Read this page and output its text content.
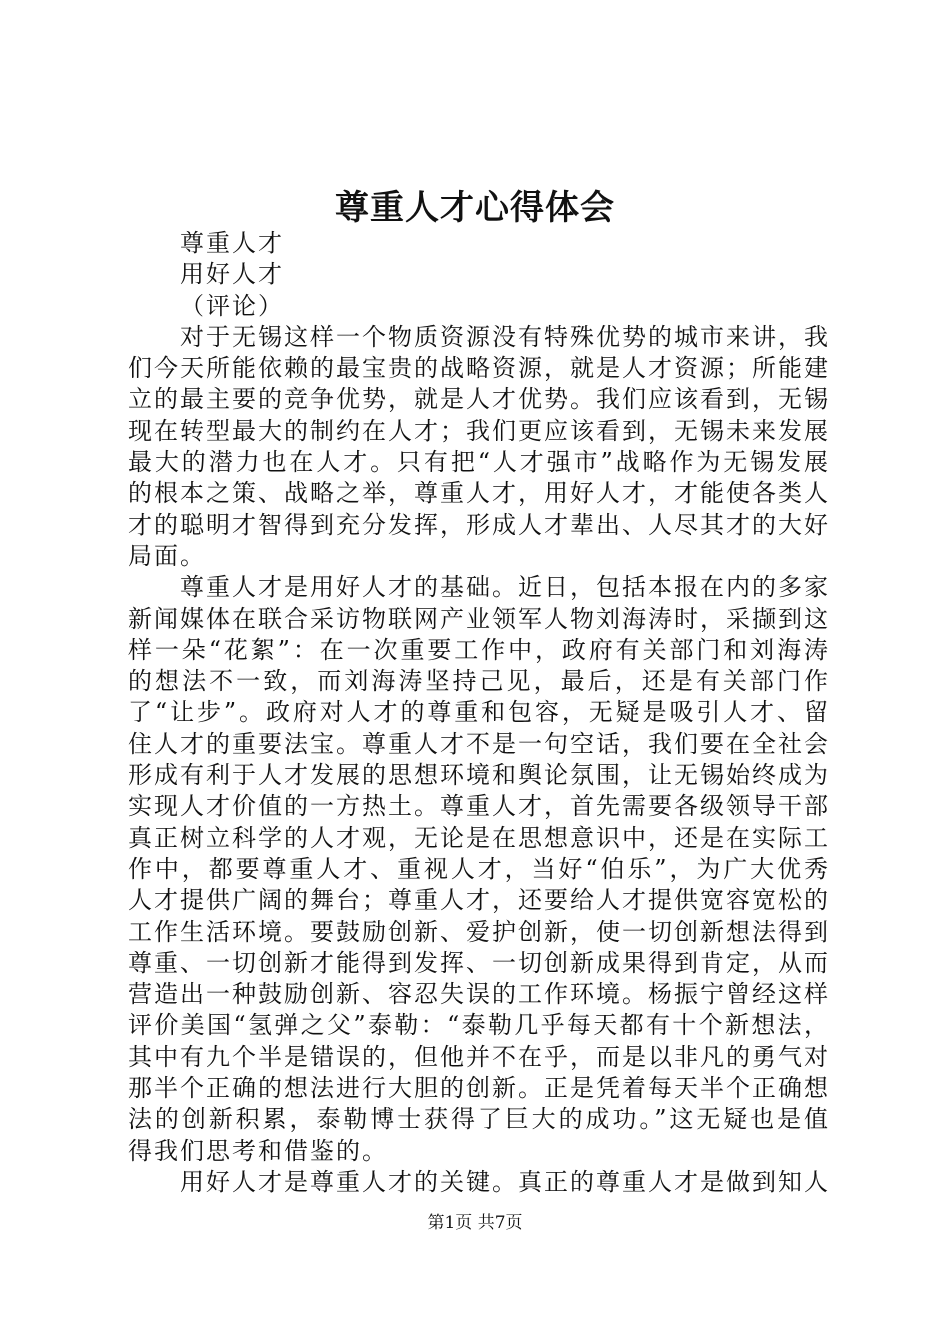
尊重人才心得体会
尊重人才
用好人才
（评论）

对于无锡这样一个物质资源没有特殊优势的城市来讲，我们今天所能依赖的最宝贵的战略资源，就是人才资源；所能建立的最主要的竞争优势，就是人才优势。我们应该看到，无锡现在转型最大的制约在人才；我们更应该看到，无锡未来发展最大的潜力也在人才。只有把“人才强市”战略作为无锡发展的根本之策、战略之举，尊重人才，用好人才，才能使各类人才的聪明才智得到充分发挥，形成人才辈出、人尽其才的大好局面。

尊重人才是用好人才的基础。近日，包括本报在内的多家新闻媒体在联合采访物联网产业领军人物刘海涛时，采撷到这样一朵“花絮”：在一次重要工作中，政府有关部门和刘海涛的想法不一致，而刘海涛坚持己见，最后，还是有关部门作了“让步”。政府对人才的尊重和包容，无疑是吸引人才、留住人才的重要法宝。尊重人才不是一句空话，我们要在全社会形成有利于人才发展的思想环境和舆论氛围，让无锡始终成为实现人才价值的一方热土。尊重人才，首先需要各级领导干部真正树立科学的人才观，无论是在思想意识中，还是在实际工作中，都要尊重人才、重视人才，当好“伯乐”，为广大优秀人才提供广阔的舞台；尊重人才，还要给人才提供宽容宽松的工作生活环境。要鼓励创新、爱护创新，使一切创新想法得到尊重、一切创新才能得到发挥、一切创新成果得到肯定，从而营造出一种鼓励创新、容忍失误的工作环境。杨振宁曾经这样评价美国“氢弹之父”泰勒：“泰勒几乎每天都有十个新想法，其中有九个半是错误的，但他并不在乎，而是以非凡的勇气对那半个正确的想法进行大胆的创新。正是凭着每天半个正确想法的创新积累，泰勒博士获得了巨大的成功。”这无疑也是值得我们思考和借鉴的。

用好人才是尊重人才的关键。真正的尊重人才是做到知人

第1页 共7页
